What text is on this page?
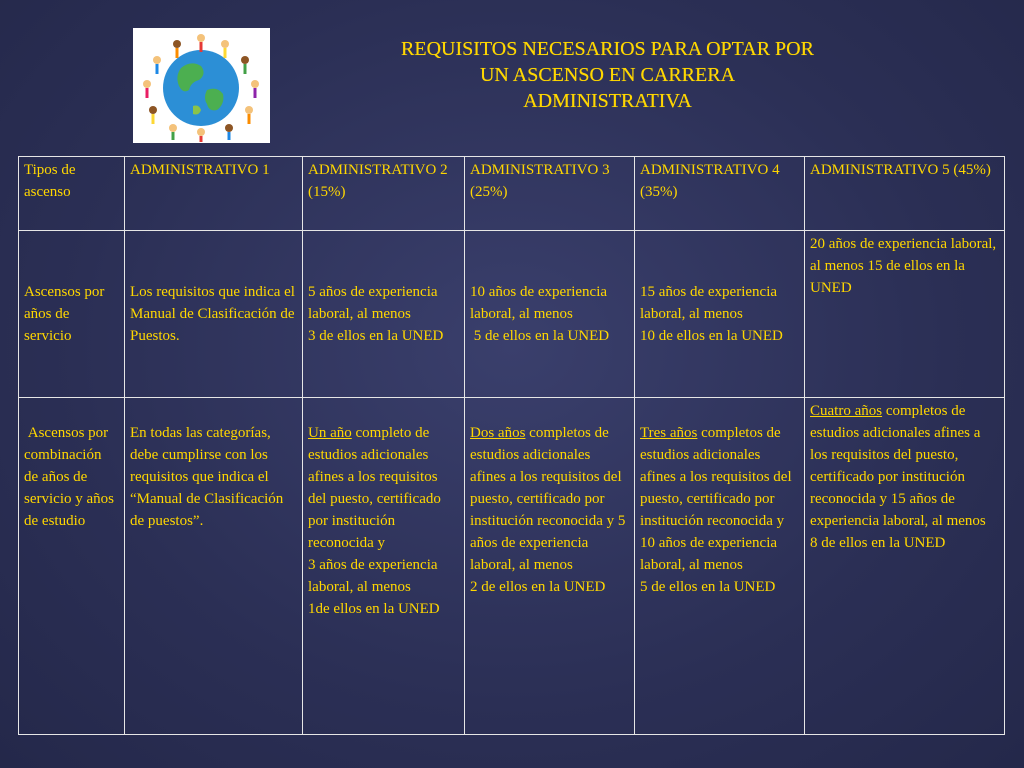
REQUISITOS NECESARIOS PARA OPTAR POR
UN ASCENSO EN CARRERA
ADMINISTRATIVA
Tipos de ascenso	ADMINISTRATIVO 1	ADMINISTRATIVO 2 (15%)	ADMINISTRATIVO 3 (25%)	ADMINISTRATIVO 4 (35%)	ADMINISTRATIVO 5 (45%)
Ascensos por años de servicio	Los requisitos que indica el Manual de Clasificación de Puestos.	5 años de experiencia laboral, al menos
3 de ellos en la UNED	10 años de experiencia laboral, al menos
5 de ellos en la UNED	15 años de experiencia laboral, al menos
10 de ellos en la UNED	20 años de experiencia laboral, al menos 15 de ellos en la UNED
Ascensos por combinación de años de servicio y años de estudio	En todas las categorías, debe cumplirse con los requisitos que indica el “Manual de Clasificación de puestos”.	Un año completo de estudios adicionales afines a los requisitos del puesto, certificado por institución reconocida y
3 años de experiencia laboral, al menos
1de ellos en la UNED	Dos años completos de estudios adicionales afines a los requisitos del puesto, certificado por institución reconocida y 5 años de experiencia laboral, al menos
2 de ellos en la UNED	Tres años completos de estudios adicionales afines a los requisitos del puesto, certificado por institución reconocida y 10 años de experiencia laboral, al menos
5 de ellos en la UNED	Cuatro años completos de estudios adicionales afines a los requisitos del puesto, certificado por institución reconocida y 15 años de experiencia laboral, al menos
8 de ellos en la UNED
